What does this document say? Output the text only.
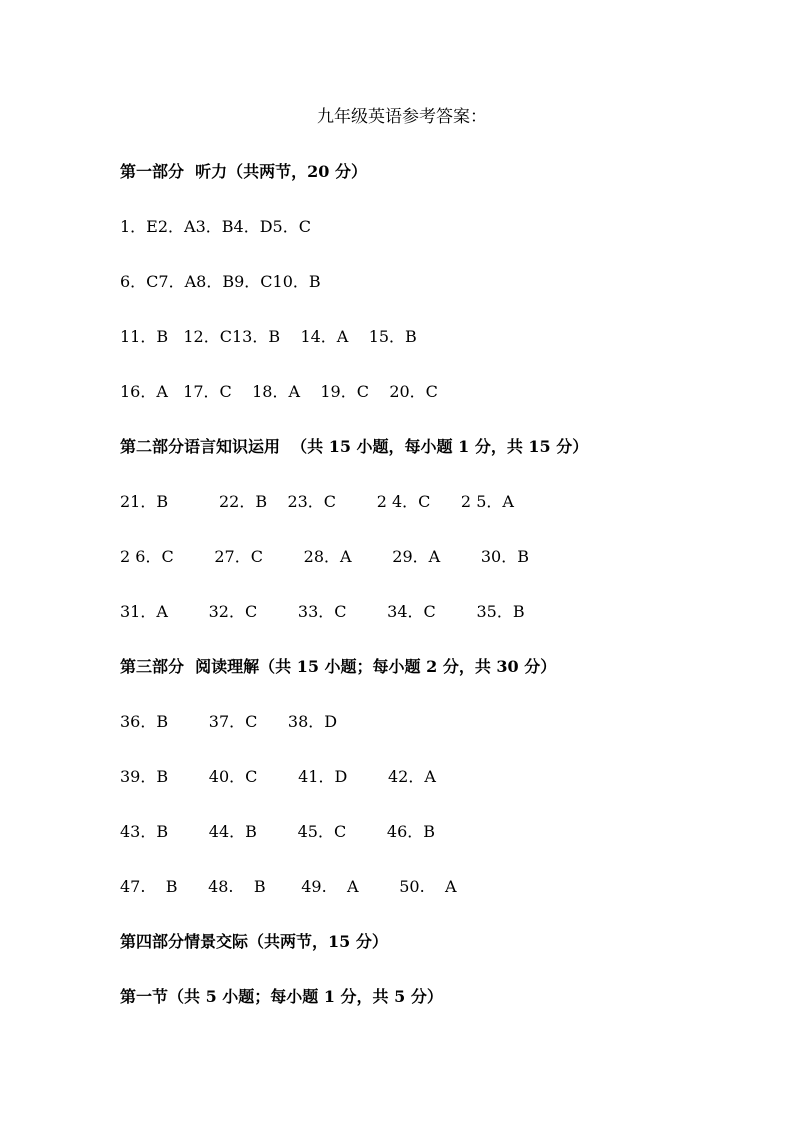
九年级英语参考答案：
第一部分  听力（共两节，20 分）
1．E2．A3．B4．D5．C
6．C7．A8．B9．C10．B
11．B   12．C13．B    14．A    15．B
16．A   17．C    18．A    19．C    20．C
第二部分语言知识运用  （共 15 小题，每小题 1 分，共 15 分）
21．B          22．B    23．C        2 4．C      2 5．A
2 6．C        27．C        28．A        29．A        30．B
31．A        32．C        33．C        34．C        35．B
第三部分  阅读理解（共 15 小题；每小题 2 分，共 30 分）
36．B        37．C      38．D
39．B        40．C        41．D        42．A
43．B        44．B        45．C        46．B
47.    B      48.    B       49.    A        50.    A
第四部分情景交际（共两节，15 分）
第一节（共 5 小题；每小题 1 分，共 5 分）
